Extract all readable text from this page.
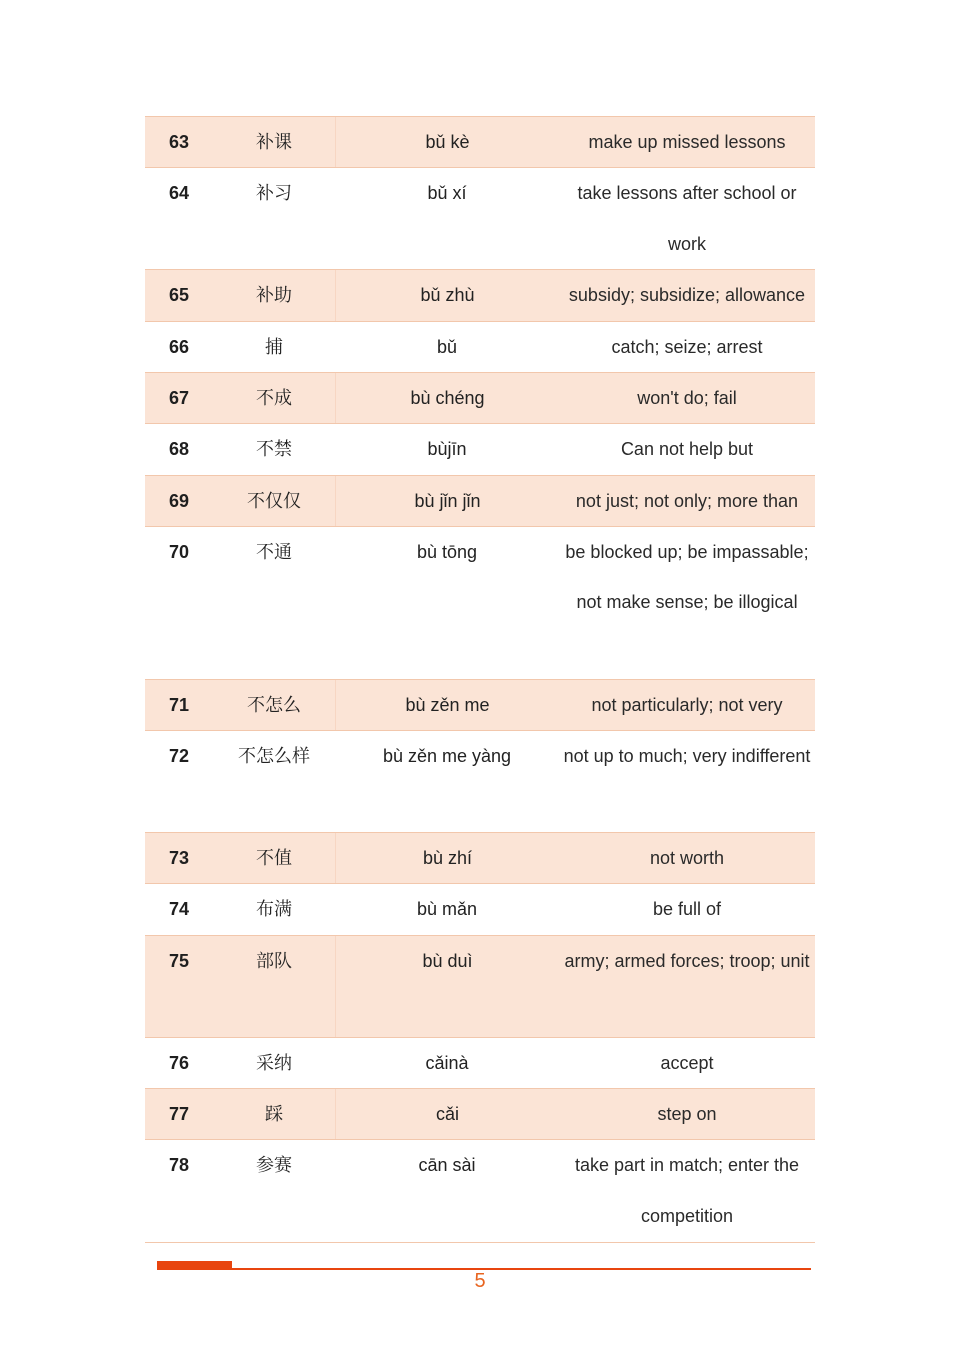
63	补课	bǔ kè	make up missed lessons
64	补习	bǔ xí	take lessons after school or work
65	补助	bǔ zhù	subsidy; subsidize; allowance
66	捕	bǔ	catch; seize; arrest
67	不成	bù chéng	won't do; fail
68	不禁	bùjīn	Can not help but
69	不仅仅	bù jǐn jǐn	not just; not only; more than
70	不通	bù tōng	be blocked up; be impassable; not make sense; be illogical
71	不怎么	bù zěn me	not particularly; not very
72	不怎么样	bù zěn me yàng	not up to much; very indifferent
73	不值	bù zhí	not worth
74	布满	bù mǎn	be full of
75	部队	bù duì	army; armed forces; troop; unit
76	采纳	cǎinà	accept
77	踩	cǎi	step on
78	参赛	cān sài	take part in match; enter the competition
5
